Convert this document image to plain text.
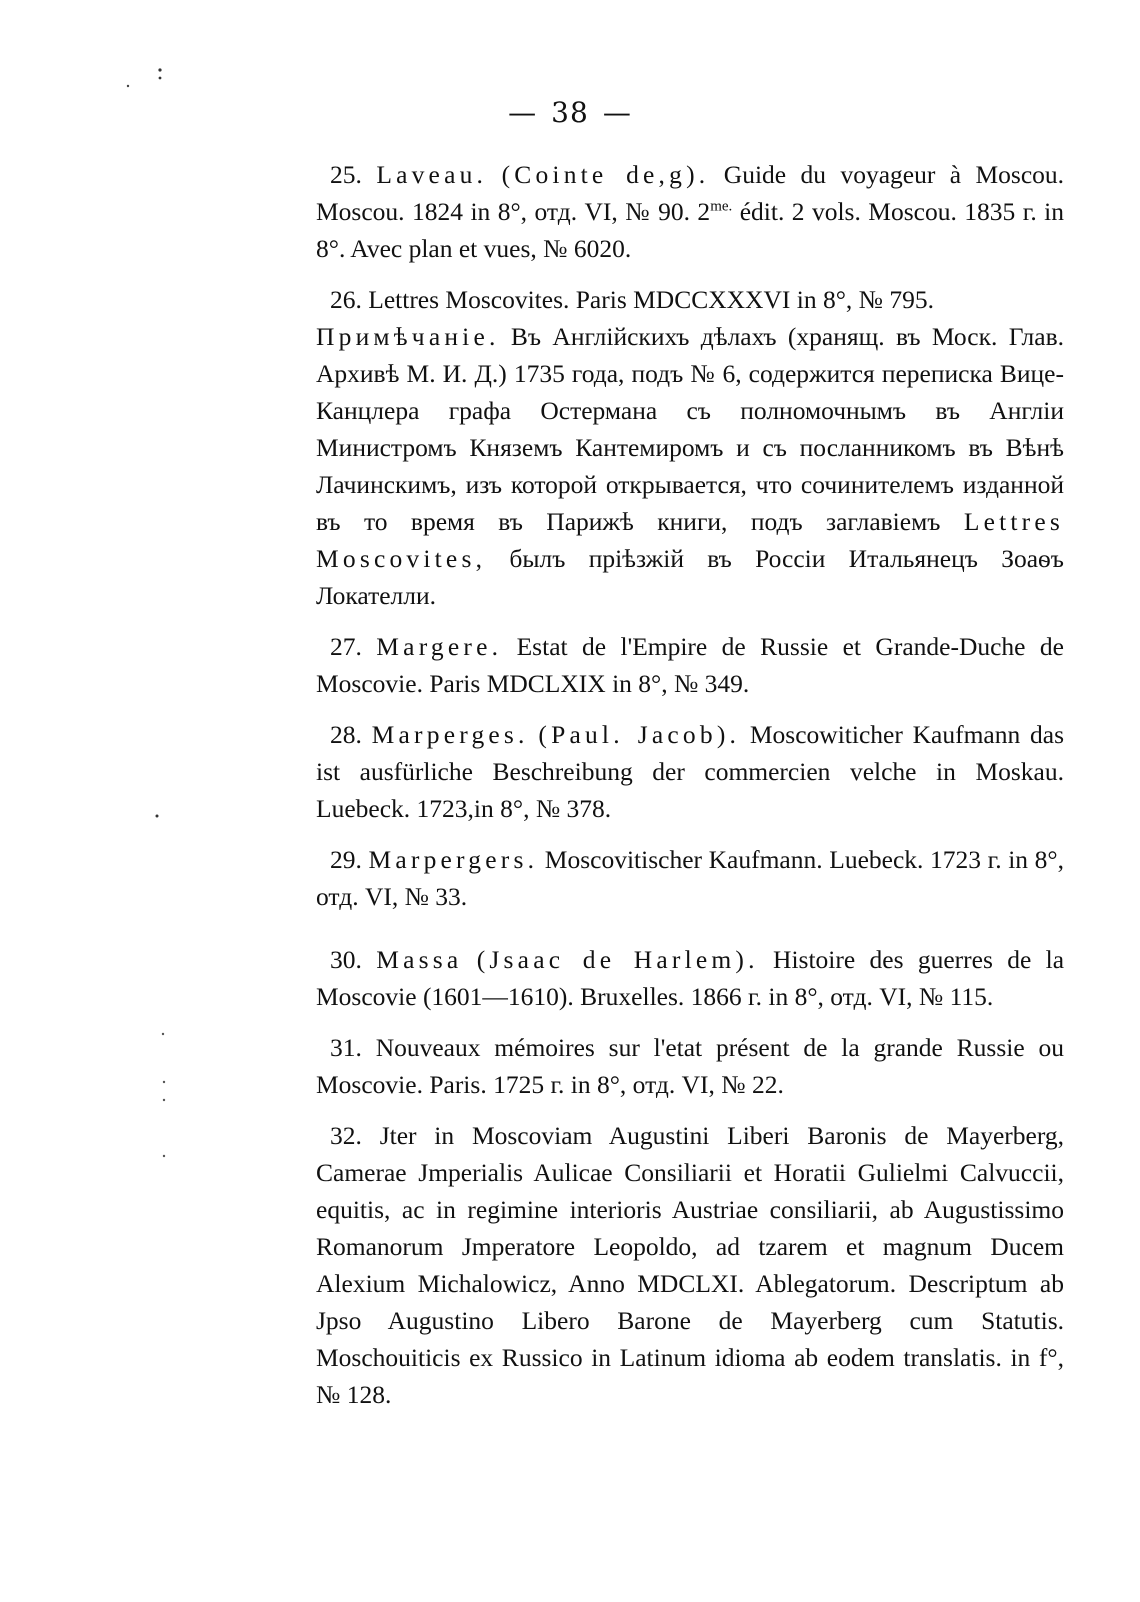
— 38 —

25. Laveau. (Cointe de,g). Guide du voyageur à Moscou. Moscou. 1824 in 8°, отд. VI, № 90. $2^{me.}$ édit. 2 vols. Moscou. 1835 г. in 8°. Avec plan et vues, № 6020.

26. Lettres Moscovites. Paris MDCCXXXVI in 8°, № 795.
Примѣчаніе. Въ Англійскихъ дѣлахъ (хранящ. въ Моск. Глав. Архивѣ М. И. Д.) 1735 года, подъ № 6, содержится переписка Вице-Канцлера графа Остермана съ полномочнымъ въ Англіи Министромъ Княземъ Кантемиромъ и съ посланникомъ въ Вѣнѣ Лачинскимъ, изъ которой открывается, что сочинителемъ изданной въ то время въ Парижѣ книги, подъ заглавіемъ Lettres Moscovites, былъ пріѣзжій въ Россіи Итальянецъ Зоаѳъ Локателли.

27. Margere. Estat de l'Empire de Russie et Grande-Duche de Moscovie. Paris MDCLXIX in 8°, № 349.

28. Marperges. (Paul. Jacob). Moscowiticher Kaufmann das ist ausfürliche Beschreibung der commercien velche in Moskau. Luebeck. 1723,in 8°, № 378.

29. Marpergers. Moscovitischer Kaufmann. Luebeck. 1723 г. in 8°, отд. VI, № 33.

30. Massa (Jsaac de Harlem). Histoire des guerres de la Moscovie (1601—1610). Bruxelles. 1866 г. in 8°, отд. VI, № 115.

31. Nouveaux mémoires sur l'etat présent de la grande Russie ou Moscovie. Paris. 1725 г. in 8°, отд. VI, № 22.

32. Jter in Moscoviam Augustini Liberi Baronis de Mayerberg, Camerae Jmperialis Aulicae Consiliarii et Horatii Gulielmi Calvuccii, equitis, ac in regimine interioris Austriae consiliarii, ab Augustissimo Romanorum Jmperatore Leopoldo, ad tzarem et magnum Ducem Alexium Michalowicz, Anno MDCLXI. Ablegatorum. Descriptum ab Jpso Augustino Libero Barone de Mayerberg cum Statutis. Moschouiticis ex Russico in Latinum idioma ab eodem translatis. in f°, № 128.
